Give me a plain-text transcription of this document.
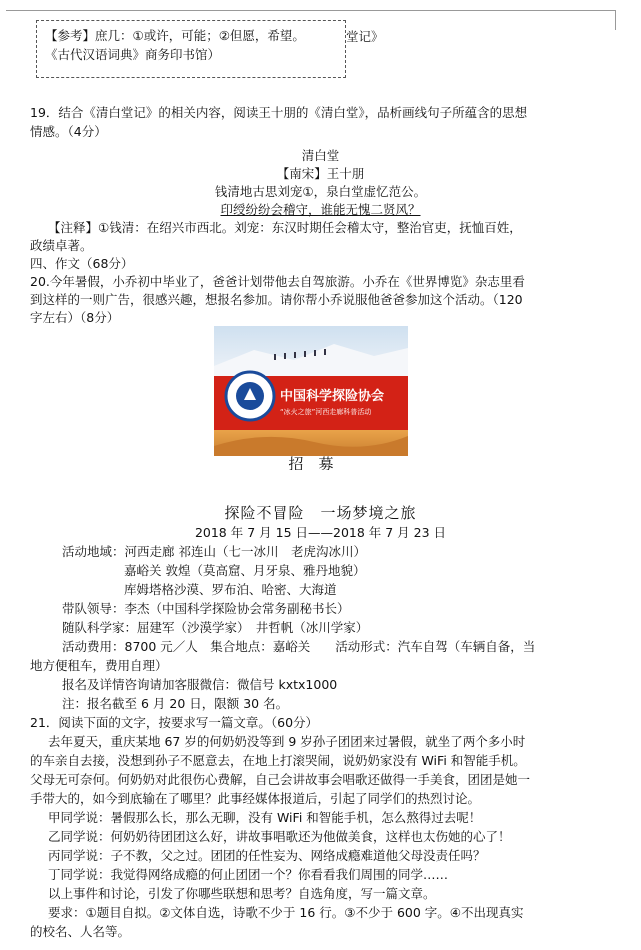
【参考】庶几：①或许，可能；②但愿，希望。
《古代汉语词典》商务印书馆）
堂记》
19．结合《清白堂记》的相关内容，阅读王十朋的《清白堂》，品析画线句子所蕴含的思想
情感。（4分）
清白堂
【南宋】王十朋
钱清地古思刘宠①，泉白堂虚忆范公。
印绶纷纷会稽守，谁能无愧二贤风？
【注释】①钱清：在绍兴市西北。刘宠：东汉时期任会稽太守，整治官吏，抚恤百姓，
政绩卓著。
四、作文（68分）
20.今年暑假，小乔初中毕业了，爸爸计划带他去自驾旅游。小乔在《世界博览》杂志里看
到这样的一则广告，很感兴趣，想报名参加。请你帮小乔说服他爸爸参加这个活动。（120
字左右）（8分）
中国科学探险协会
“冰火之旅”河西走廊科普活动
招　募
探险不冒险　一场梦境之旅
2018 年 7 月 15 日——2018 年 7 月 23 日
活动地域：河西走廊 祁连山（七一冰川　老虎沟冰川）
嘉峪关 敦煌（莫高窟、月牙泉、雅丹地貌）
库姆塔格沙漠、罗布泊、哈密、大海道
带队领导：李杰（中国科学探险协会常务副秘书长）
随队科学家：屈建军（沙漠学家）　井哲帆（冰川学家）
活动费用：8700 元／人　集合地点：嘉峪关　　活动形式：汽车自驾（车辆自备，当
地方便租车，费用自理）
报名及详情咨询请加客服微信：微信号 kxtx1000
注：报名截至 6 月 20 日，限额 30 名。
21．阅读下面的文字，按要求写一篇文章。（60分）
去年夏天，重庆某地 67 岁的何奶奶没等到 9 岁孙子团团来过暑假，就坐了两个多小时
的车亲自去接，没想到孙子不愿意去，在地上打滚哭闹，说奶奶家没有 WiFi 和智能手机。
父母无可奈何。何奶奶对此很伤心费解，自己会讲故事会唱歌还做得一手美食，团团是她一
手带大的，如今到底输在了哪里？此事经媒体报道后，引起了同学们的热烈讨论。
甲同学说：暑假那么长，那么无聊，没有 WiFi 和智能手机，怎么熬得过去呢！
乙同学说：何奶奶待团团这么好，讲故事唱歌还为他做美食，这样也太伤她的心了！
丙同学说：子不教，父之过。团团的任性妄为、网络成瘾难道他父母没责任吗？
丁同学说：我觉得网络成瘾的何止团团一个？你看看我们周围的同学……
以上事件和讨论，引发了你哪些联想和思考？自选角度，写一篇文章。
要求：①题目自拟。②文体自选，诗歌不少于 16 行。③不少于 600 字。④不出现真实
的校名、人名等。
